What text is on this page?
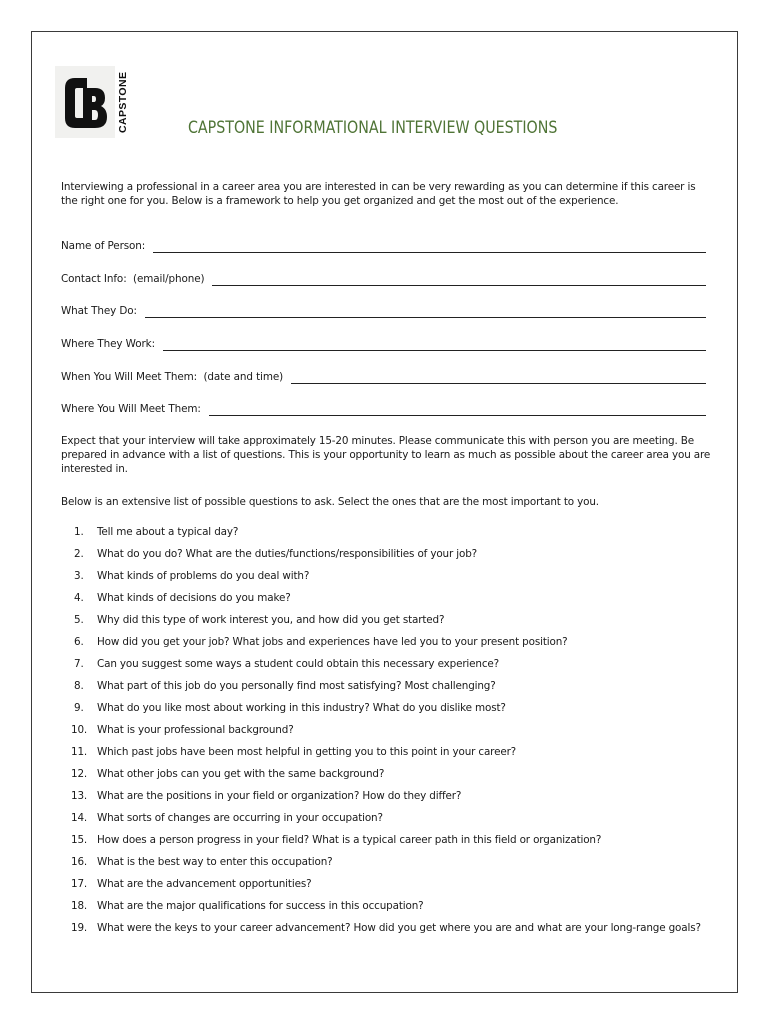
CAPSTONE	CAPSTONE INFORMATIONAL INTERVIEW QUESTIONS

Interviewing a professional in a career area you are interested in can be very rewarding as you can determine if this career is the right one for you. Below is a framework to help you get organized and get the most out of the experience.

Name of Person:
Contact Info:  (email/phone)
What They Do:
Where They Work:
When You Will Meet Them:  (date and time)
Where You Will Meet Them:

Expect that your interview will take approximately 15-20 minutes. Please communicate this with person you are meeting. Be prepared in advance with a list of questions. This is your opportunity to learn as much as possible about the career area you are interested in.

Below is an extensive list of possible questions to ask. Select the ones that are the most important to you.

1.	Tell me about a typical day?
2.	What do you do? What are the duties/functions/responsibilities of your job?
3.	What kinds of problems do you deal with?
4.	What kinds of decisions do you make?
5.	Why did this type of work interest you, and how did you get started?
6.	How did you get your job? What jobs and experiences have led you to your present position?
7.	Can you suggest some ways a student could obtain this necessary experience?
8.	What part of this job do you personally find most satisfying? Most challenging?
9.	What do you like most about working in this industry? What do you dislike most?
10. What is your professional background?
11. Which past jobs have been most helpful in getting you to this point in your career?
12. What other jobs can you get with the same background?
13. What are the positions in your field or organization? How do they differ?
14. What sorts of changes are occurring in your occupation?
15. How does a person progress in your field? What is a typical career path in this field or organization?
16. What is the best way to enter this occupation?
17. What are the advancement opportunities?
18. What are the major qualifications for success in this occupation?
19. What were the keys to your career advancement? How did you get where you are and what are your long-range goals?
